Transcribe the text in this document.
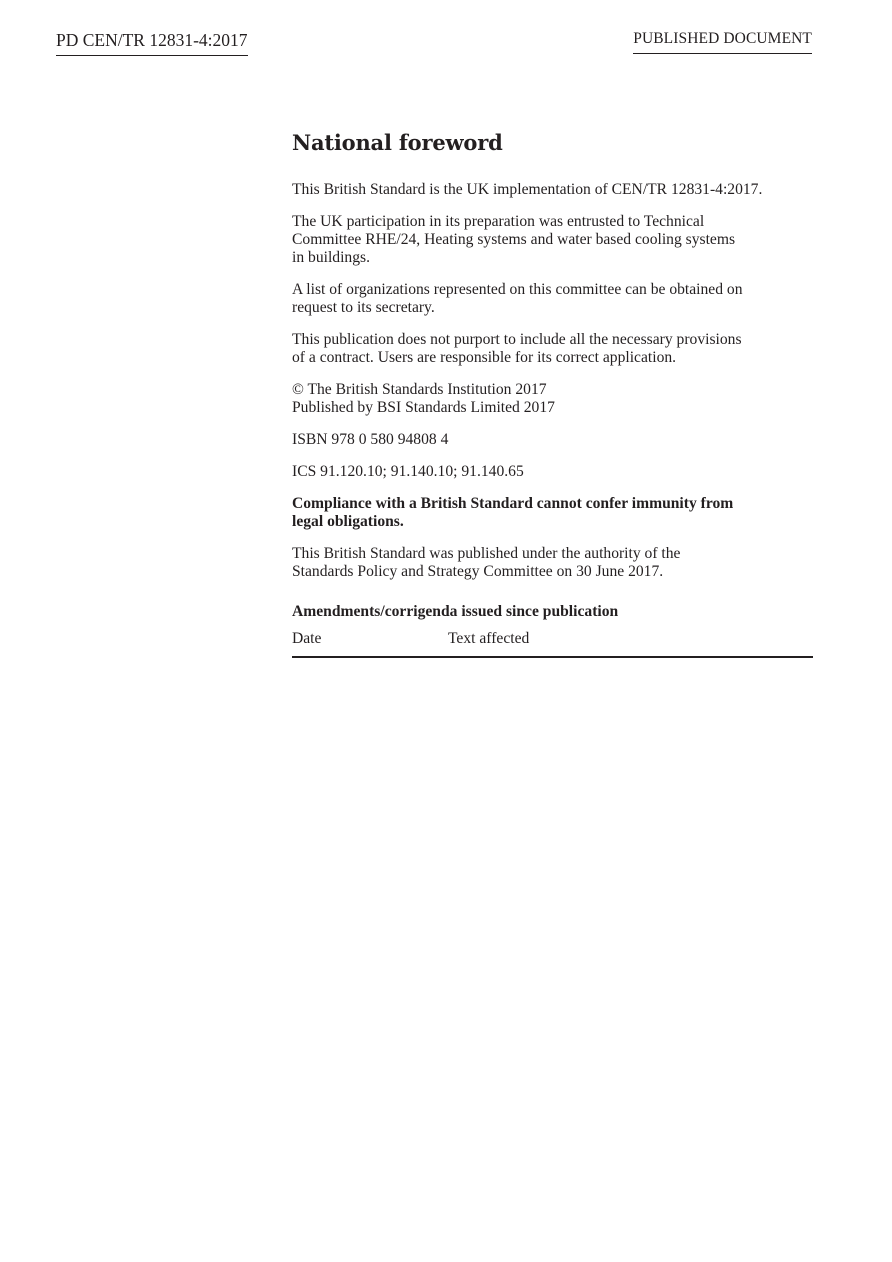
PD CEN/TR 12831-4:2017	PUBLISHED DOCUMENT
National foreword

This British Standard is the UK implementation of CEN/TR 12831-4:2017.

The UK participation in its preparation was entrusted to Technical
Committee RHE/24, Heating systems and water based cooling systems
in buildings.

A list of organizations represented on this committee can be obtained on
request to its secretary.

This publication does not purport to include all the necessary provisions
of a contract. Users are responsible for its correct application.

© The British Standards Institution 2017
Published by BSI Standards Limited 2017

ISBN 978 0 580 94808 4

ICS 91.120.10; 91.140.10; 91.140.65

Compliance with a British Standard cannot confer immunity from
legal obligations.

This British Standard was published under the authority of the
Standards Policy and Strategy Committee on 30 June 2017.

Amendments/corrigenda issued since publication
Date	Text affected
